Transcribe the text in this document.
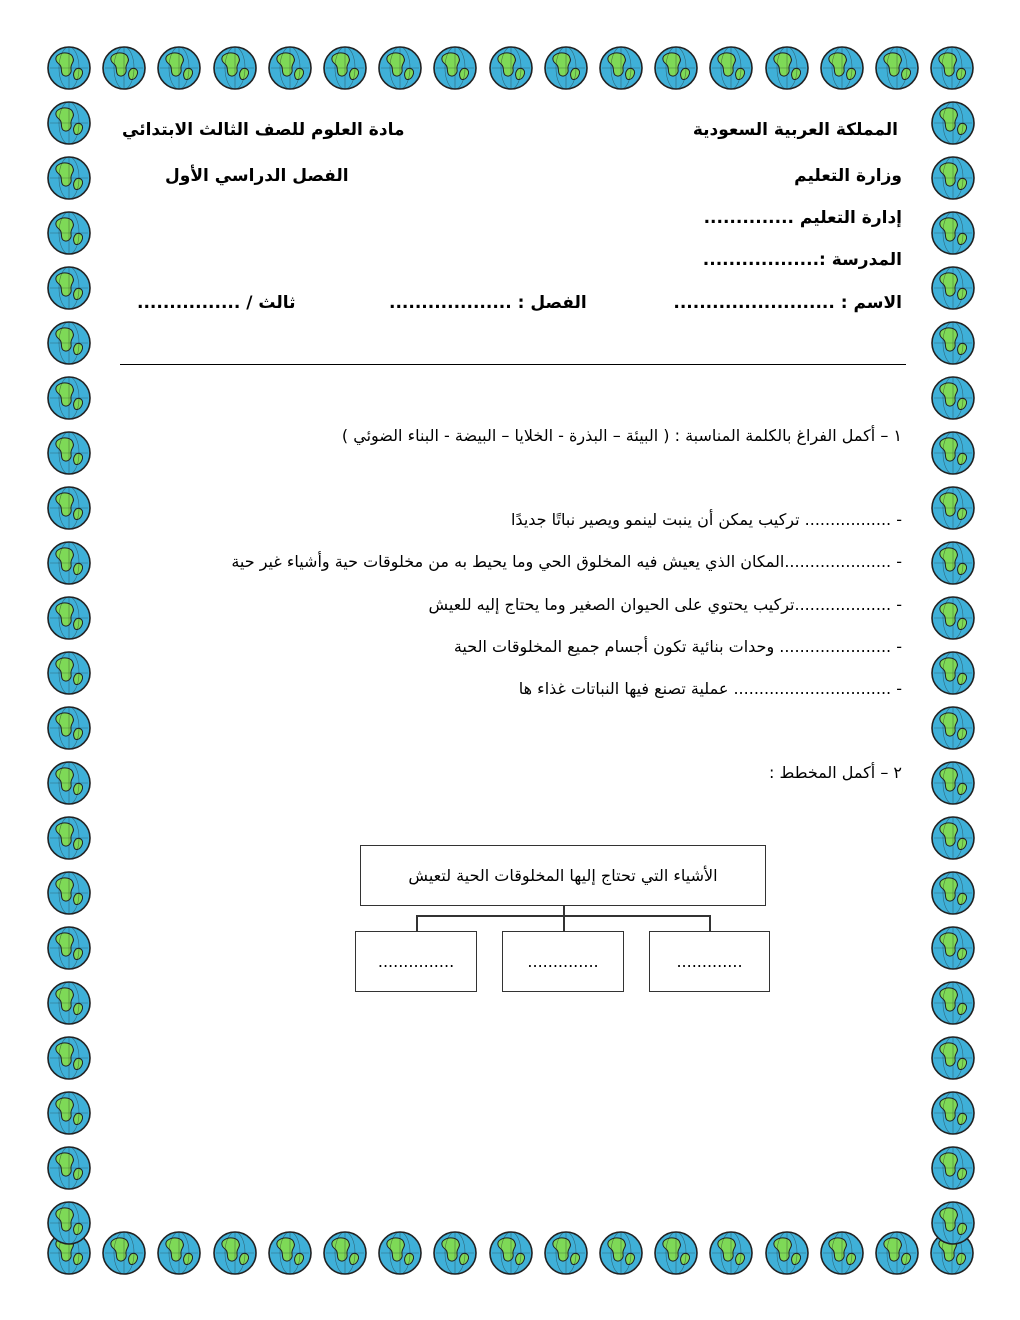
المملكة العربية السعودية
مادة العلوم للصف الثالث الابتدائي
وزارة التعليم
الفصل الدراسي الأول
إدارة التعليم ..............
المدرسة :..................
الاسم : .........................
الفصل : ...................
ثالث / ................
١ – أكمل الفراغ بالكلمة المناسبة : ( البيئة – البذرة - الخلايا – البيضة - البناء الضوئي )
- ................. تركيب يمكن أن ينبت لينمو ويصير نباتًا جديدًا
- .....................المكان الذي يعيش فيه المخلوق الحي وما يحيط به من مخلوقات حية وأشياء غير حية
- ...................تركيب يحتوي على الحيوان الصغير وما يحتاج إليه للعيش
- ...................... وحدات بنائية تكون أجسام جميع المخلوقات الحية
- ............................... عملية تصنع فيها النباتات غذاء ها
٢ – أكمل المخطط :
الأشياء التي تحتاج إليها المخلوقات الحية لتعيش
.............
..............
...............
